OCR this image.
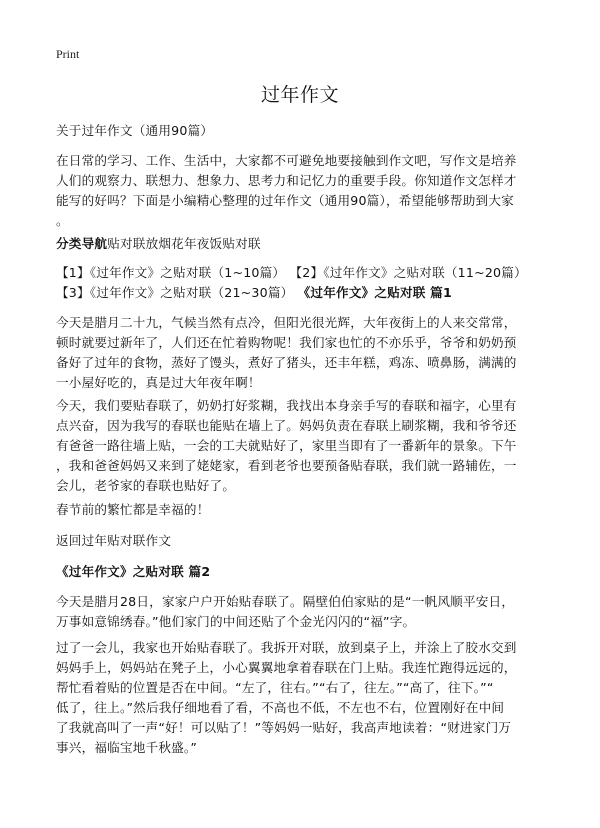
Print
过年作文
关于过年作文（通用90篇）
在日常的学习、工作、生活中，大家都不可避免地要接触到作文吧，写作文是培养
人们的观察力、联想力、想象力、思考力和记忆力的重要手段。你知道作文怎样才
能写的好吗？下面是小编精心整理的过年作文（通用90篇），希望能够帮助到大家
。
分类导航贴对联放烟花年夜饭贴对联
【1】《过年作文》之贴对联（1~10篇） 【2】《过年作文》之贴对联（11~20篇）
【3】《过年作文》之贴对联（21~30篇） 《过年作文》之贴对联 篇1
今天是腊月二十九，气候当然有点冷，但阳光很光辉，大年夜街上的人来交常常，
顿时就要过新年了，人们还在忙着购物呢！我们家也忙的不亦乐乎，爷爷和奶奶预
备好了过年的食物，蒸好了馒头，煮好了猪头，还丰年糕，鸡冻、喷鼻肠，满满的
一小屋好吃的，真是过大年夜年啊！
今天，我们要贴春联了，奶奶打好浆糊，我找出本身亲手写的春联和福字，心里有
点兴奋，因为我写的春联也能贴在墙上了。妈妈负责在春联上刷浆糊，我和爷爷还
有爸爸一路往墙上贴，一会的工夫就贴好了，家里当即有了一番新年的景象。下午
，我和爸爸妈妈又来到了姥姥家，看到老爷也要预备贴春联，我们就一路辅佐，一
会儿，老爷家的春联也贴好了。
春节前的繁忙都是幸福的！
返回过年贴对联作文
《过年作文》之贴对联 篇2
今天是腊月28日，家家户户开始贴春联了。隔壁伯伯家贴的是“一帆风顺平安日，
万事如意锦绣春。”他们家门的中间还贴了个金光闪闪的“福”字。
过了一会儿，我家也开始贴春联了。我拆开对联，放到桌子上，并涂上了胶水交到
妈妈手上，妈妈站在凳子上，小心翼翼地拿着春联在门上贴。我连忙跑得远远的，
帮忙看着贴的位置是否在中间。“左了，往右。”“右了，往左。”“高了，往下。”“
低了，往上。”然后我仔细地看了看，不高也不低，不左也不右，位置刚好在中间
了我就高叫了一声“好！可以贴了！”等妈妈一贴好，我高声地读着：“财进家门万
事兴，福临宝地千秋盛。”
